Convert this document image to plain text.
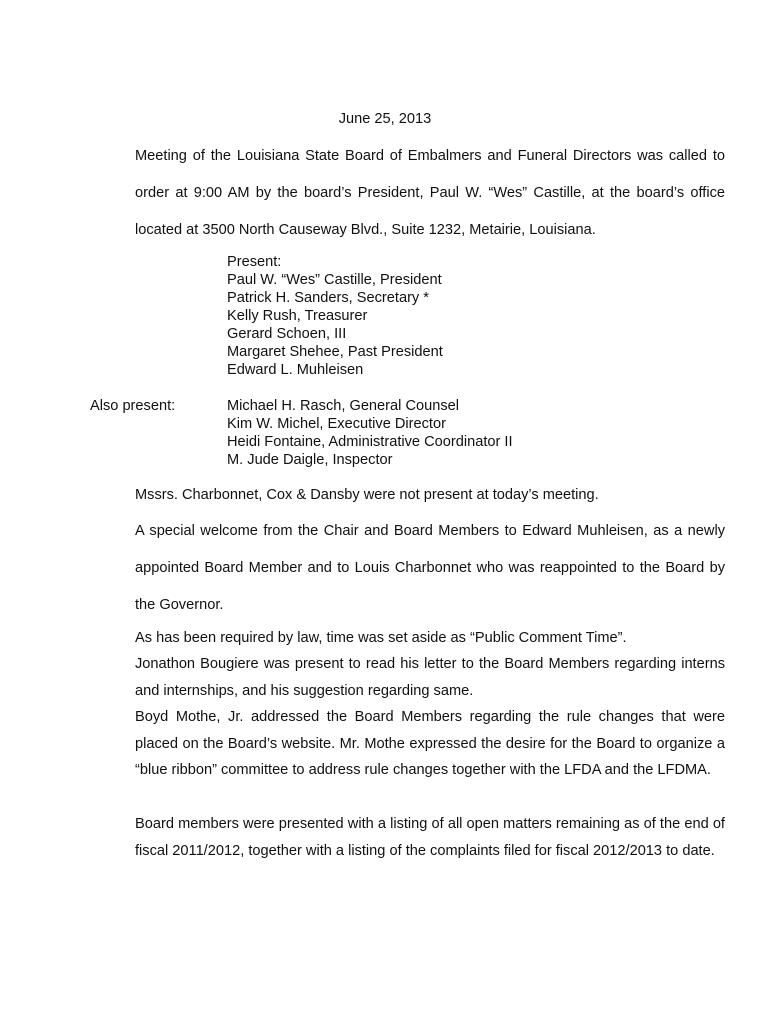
June 25, 2013

Meeting of the Louisiana State Board of Embalmers and Funeral Directors was called to order at 9:00 AM by the board’s President, Paul W. “Wes” Castille, at the board’s office located at 3500 North Causeway Blvd., Suite 1232, Metairie, Louisiana.

Present:
Paul W. “Wes” Castille, President
Patrick H. Sanders, Secretary *
Kelly Rush, Treasurer
Gerard Schoen, III
Margaret Shehee, Past President
Edward L. Muhleisen
Also present:	Michael H. Rasch, General Counsel
Kim W. Michel, Executive Director
Heidi Fontaine, Administrative Coordinator II
M. Jude Daigle, Inspector

Mssrs. Charbonnet, Cox & Dansby were not present at today’s meeting.

A special welcome from the Chair and Board Members to Edward Muhleisen, as a newly appointed Board Member and to Louis Charbonnet who was reappointed to the Board by the Governor.

As has been required by law, time was set aside as “Public Comment Time”.

Jonathon Bougiere was present to read his letter to the Board Members regarding interns and internships, and his suggestion regarding same.

Boyd Mothe, Jr. addressed the Board Members regarding the rule changes that were placed on the Board’s website. Mr. Mothe expressed the desire for the Board to organize a “blue ribbon” committee to address rule changes together with the LFDA and the LFDMA.

Board members were presented with a listing of all open matters remaining as of the end of fiscal 2011/2012, together with a listing of the complaints filed for fiscal 2012/2013 to date.
